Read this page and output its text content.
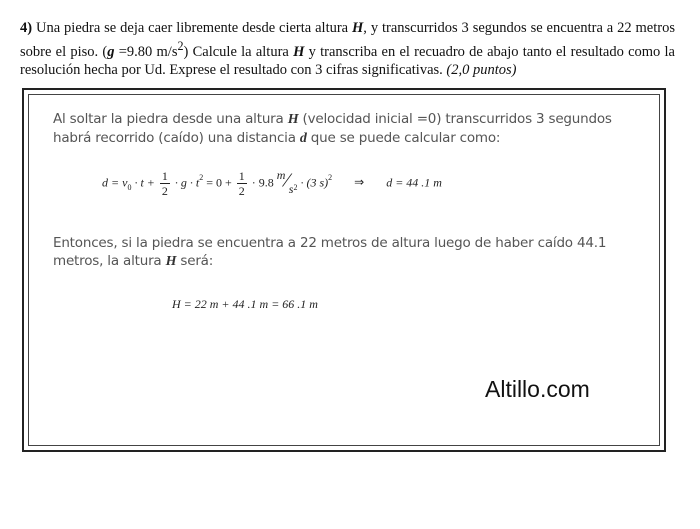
4) Una piedra se deja caer libremente desde cierta altura H, y transcurridos 3 segundos se encuentra a 22 metros sobre el piso. (g =9.80 $m/s^2$) Calcule la altura H y transcriba en el recuadro de abajo tanto el resultado como la resolución hecha por Ud. Exprese el resultado con 3 cifras significativas. (2,0 puntos)
Al soltar la piedra desde una altura H (velocidad inicial =0) transcurridos 3 segundos habrá recorrido (caído) una distancia d que se puede calcular como:
$d = v_0 \cdot t + \frac{1}{2} \cdot g \cdot t^2 = 0 + \frac{1}{2} \cdot 9.8$ $m⁄s_2 \cdot (3$ s)$^2$ ⇒ d = 44 .1 m
Entonces, si la piedra se encuentra a 22 metros de altura luego de haber caído 44.1 metros, la altura H será:
H = 22 m + 44 .1 m = 66 .1 m
Altillo.com
